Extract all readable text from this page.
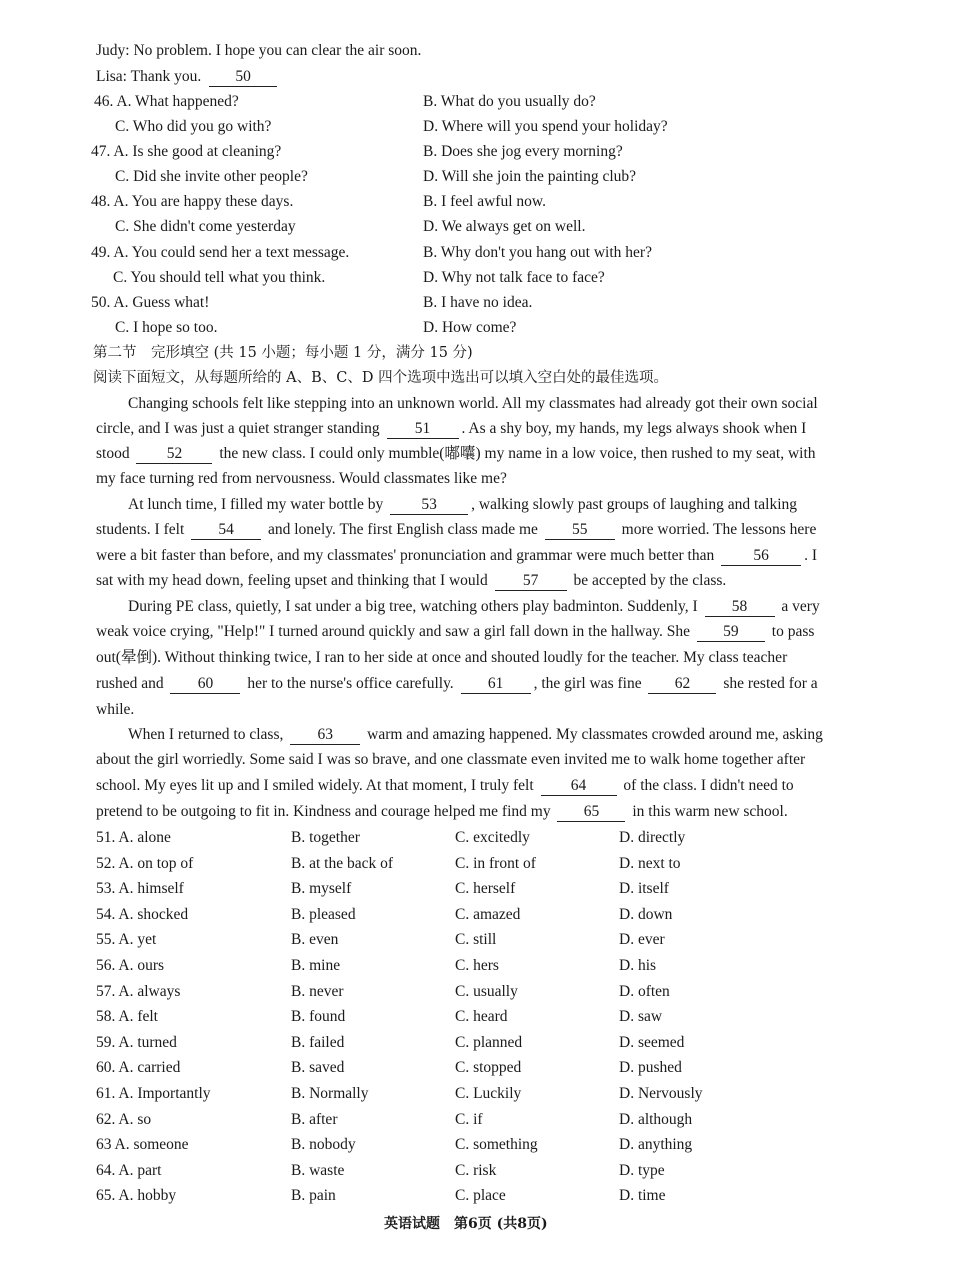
Judy: No problem. I hope you can clear the air soon.
Lisa: Thank you. 50
46. A. What happened?	B. What do you usually do?
C. Who did you go with?	D. Where will you spend your holiday?
47. A. Is she good at cleaning?	B. Does she jog every morning?
C. Did she invite other people?	D. Will she join the painting club?
48. A. You are happy these days.	B. I feel awful now.
C. She didn't come yesterday	D. We always get on well.
49. A. You could send her a text message.	B. Why don't you hang out with her?
C. You should tell what you think.	D. Why not talk face to face?
50. A. Guess what!	B. I have no idea.
C. I hope so too.	D. How come?
第二节　完形填空 (共 15 小题；每小题 1 分，满分 15 分)
阅读下面短文，从每题所给的 A、B、C、D 四个选项中选出可以填入空白处的最佳选项。
Changing schools felt like stepping into an unknown world. All my classmates had already got their own social
circle, and I was just a quiet stranger standing 51 . As a shy boy, my hands, my legs always shook when I
stood 52 the new class. I could only mumble(嘟囔) my name in a low voice, then rushed to my seat, with
my face turning red from nervousness. Would classmates like me?
At lunch time, I filled my water bottle by 53 , walking slowly past groups of laughing and talking
students. I felt 54 and lonely. The first English class made me 55 more worried. The lessons here
were a bit faster than before, and my classmates' pronunciation and grammar were much better than	56 . I
sat with my head down, feeling upset and thinking that I would 57 be accepted by the class.
During PE class, quietly, I sat under a big tree, watching others play badminton. Suddenly, I 58 a very
weak voice crying, "Help!" I turned around quickly and saw a girl fall down in the hallway. She 59 to pass
out(晕倒). Without thinking twice, I ran to her side at once and shouted loudly for the teacher. My class teacher
rushed and 60 her to the nurse's office carefully. 61 , the girl was fine 62 she rested for a
while.
When I returned to class, 63 warm and amazing happened. My classmates crowded around me, asking
about the girl worriedly. Some said I was so brave, and one classmate even invited me to walk home together after
school. My eyes lit up and I smiled widely. At that moment, I truly felt 64 of the class. I didn't need to
pretend to be outgoing to fit in. Kindness and courage helped me find my 65 in this warm new school.
51. A. alone	B. together	C. excitedly	D. directly
52. A. on top of	B. at the back of	C. in front of	D. next to
53. A. himself	B. myself	C. herself	D. itself
54. A. shocked	B. pleased	C. amazed	D. down
55. A. yet	B. even	C. still	D. ever
56. A. ours	B. mine	C. hers	D. his
57. A. always	B. never	C. usually	D. often
58. A. felt	B. found	C. heard	D. saw
59. A. turned	B. failed	C. planned	D. seemed
60. A. carried	B. saved	C. stopped	D. pushed
61. A. Importantly	B. Normally	C. Luckily	D. Nervously
62. A. so	B. after	C. if	D. although
63 A. someone	B. nobody	C. something	D. anything
64. A. part	B. waste	C. risk	D. type
65. A. hobby	B. pain	C. place	D. time
英语试题　第6页 (共8页)
